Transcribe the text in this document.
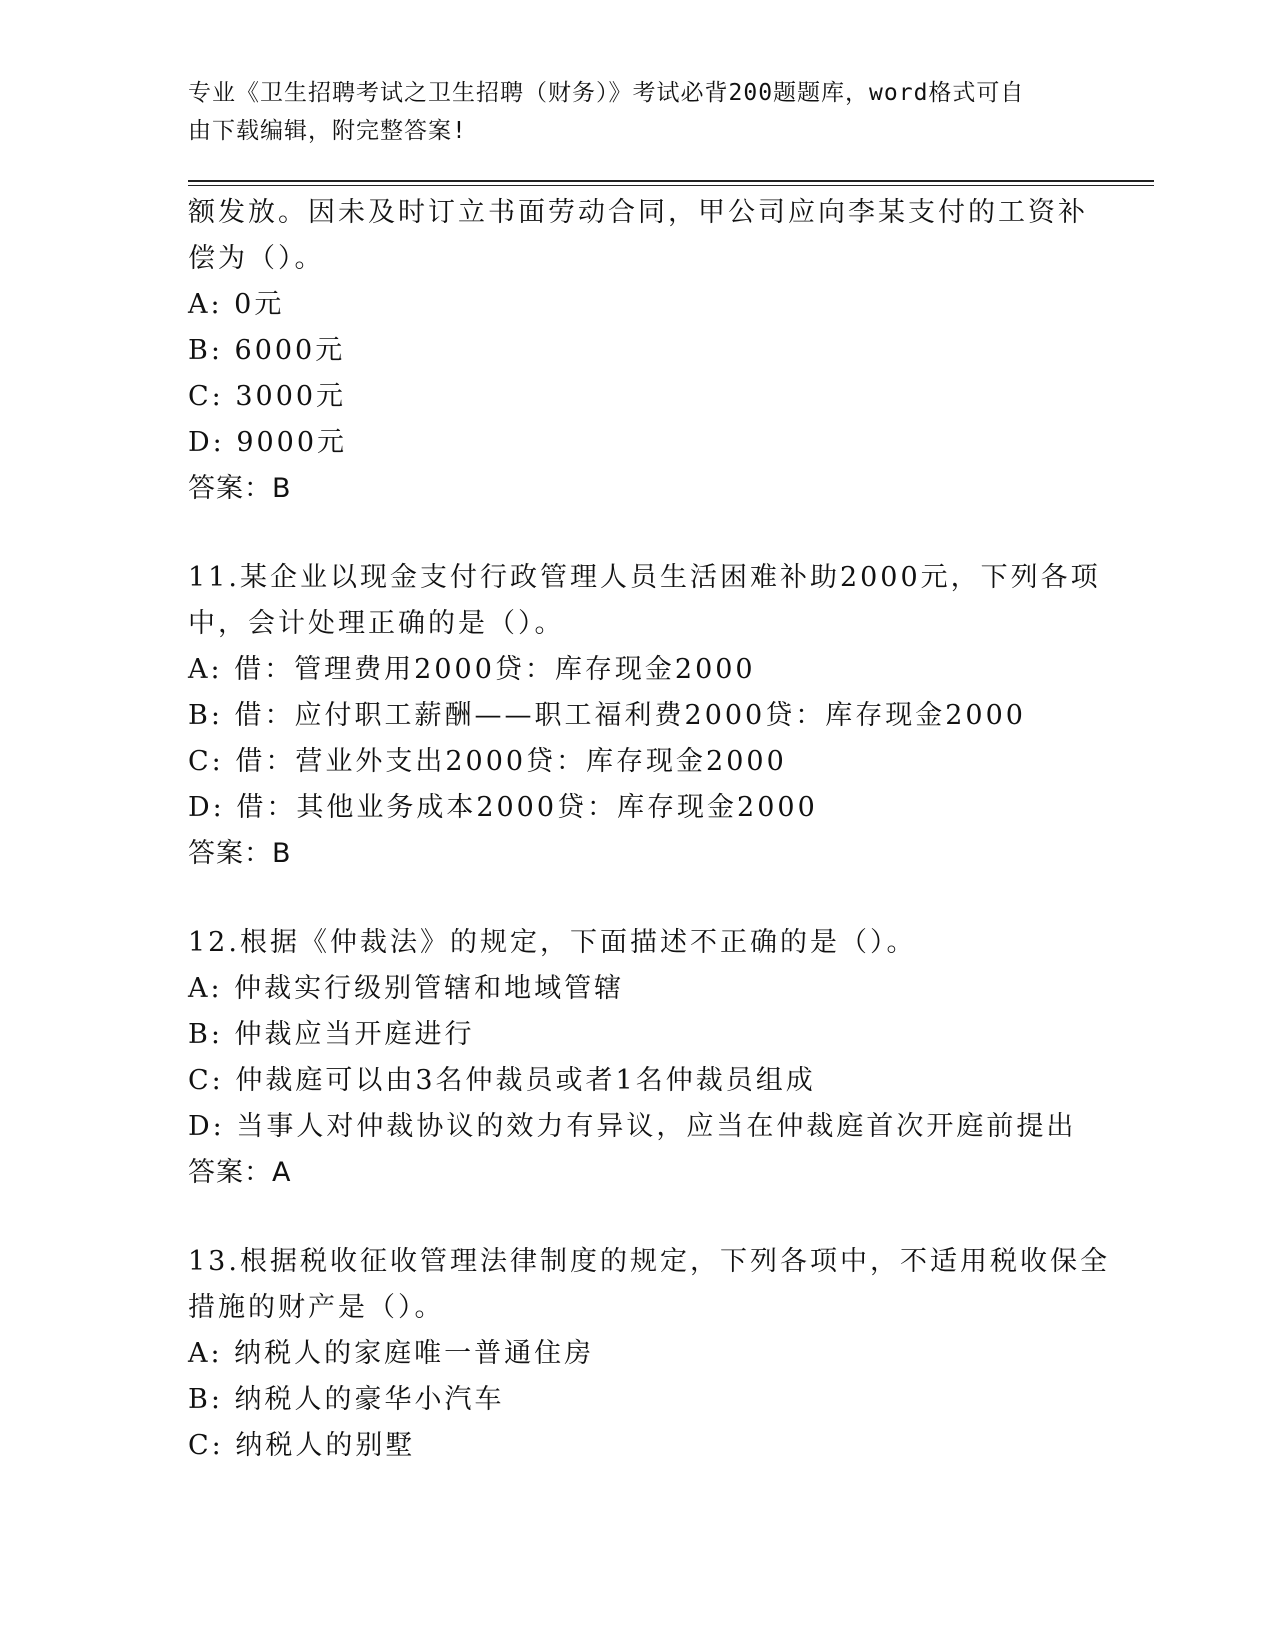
专业《卫生招聘考试之卫生招聘（财务）》考试必背200题题库，word格式可自
由下载编辑，附完整答案!
额发放。因未及时订立书面劳动合同，甲公司应向李某支付的工资补
偿为（）。
A: 0元
B: 6000元
C: 3000元
D: 9000元
答案：B
11.某企业以现金支付行政管理人员生活困难补助2000元，下列各项
中，会计处理正确的是（）。
A: 借：管理费用2000贷：库存现金2000
B: 借：应付职工薪酬——职工福利费2000贷：库存现金2000
C: 借：营业外支出2000贷：库存现金2000
D: 借：其他业务成本2000贷：库存现金2000
答案：B
12.根据《仲裁法》的规定，下面描述不正确的是（）。
A: 仲裁实行级别管辖和地域管辖
B: 仲裁应当开庭进行
C: 仲裁庭可以由3名仲裁员或者1名仲裁员组成
D: 当事人对仲裁协议的效力有异议，应当在仲裁庭首次开庭前提出
答案：A
13.根据税收征收管理法律制度的规定，下列各项中，不适用税收保全
措施的财产是（）。
A: 纳税人的家庭唯一普通住房
B: 纳税人的豪华小汽车
C: 纳税人的别墅
